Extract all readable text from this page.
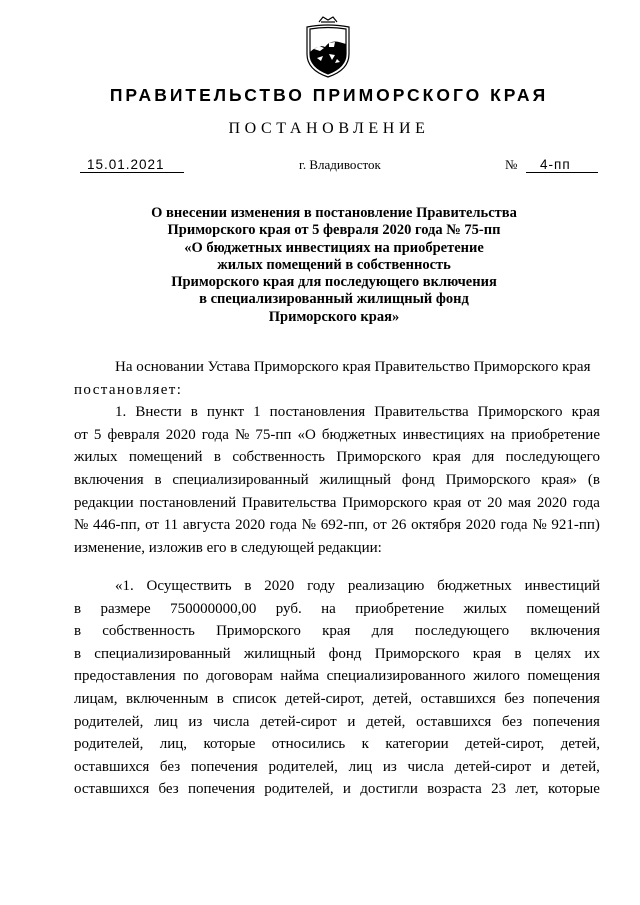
ПРАВИТЕЛЬСТВО ПРИМОРСКОГО КРАЯ
ПОСТАНОВЛЕНИЕ
15.01.2021	г. Владивосток	№	4-пп
О внесении изменения в постановление Правительства
Приморского края от 5 февраля 2020 года № 75-пп
«О бюджетных инвестициях на приобретение
жилых помещений в собственность
Приморского края для последующего включения
в специализированный жилищный фонд
Приморского края»
На основании Устава Приморского края Правительство Приморского края
постановляет:
1. Внести в пункт 1 постановления Правительства Приморского края
от 5 февраля 2020 года № 75-пп «О бюджетных инвестициях на приобретение
жилых помещений в собственность Приморского края для последующего
включения в специализированный жилищный фонд Приморского края» (в
редакции постановлений Правительства Приморского края от 20 мая 2020 года
№ 446-пп, от 11 августа 2020 года № 692-пп, от 26 октября 2020 года № 921-пп)
изменение, изложив его в следующей редакции:
«1. Осуществить в 2020 году реализацию бюджетных инвестиций
в размере 750000000,00 руб. на приобретение жилых помещений
в собственность Приморского края для последующего включения
в специализированный жилищный фонд Приморского края в целях их
предоставления по договорам найма специализированного жилого помещения
лицам, включенным в список детей-сирот, детей, оставшихся без попечения
родителей, лиц из числа детей-сирот и детей, оставшихся без попечения
родителей, лиц, которые относились к категории детей-сирот, детей,
оставшихся без попечения родителей, лиц из числа детей-сирот и детей,
оставшихся без попечения родителей, и достигли возраста 23 лет, которые
